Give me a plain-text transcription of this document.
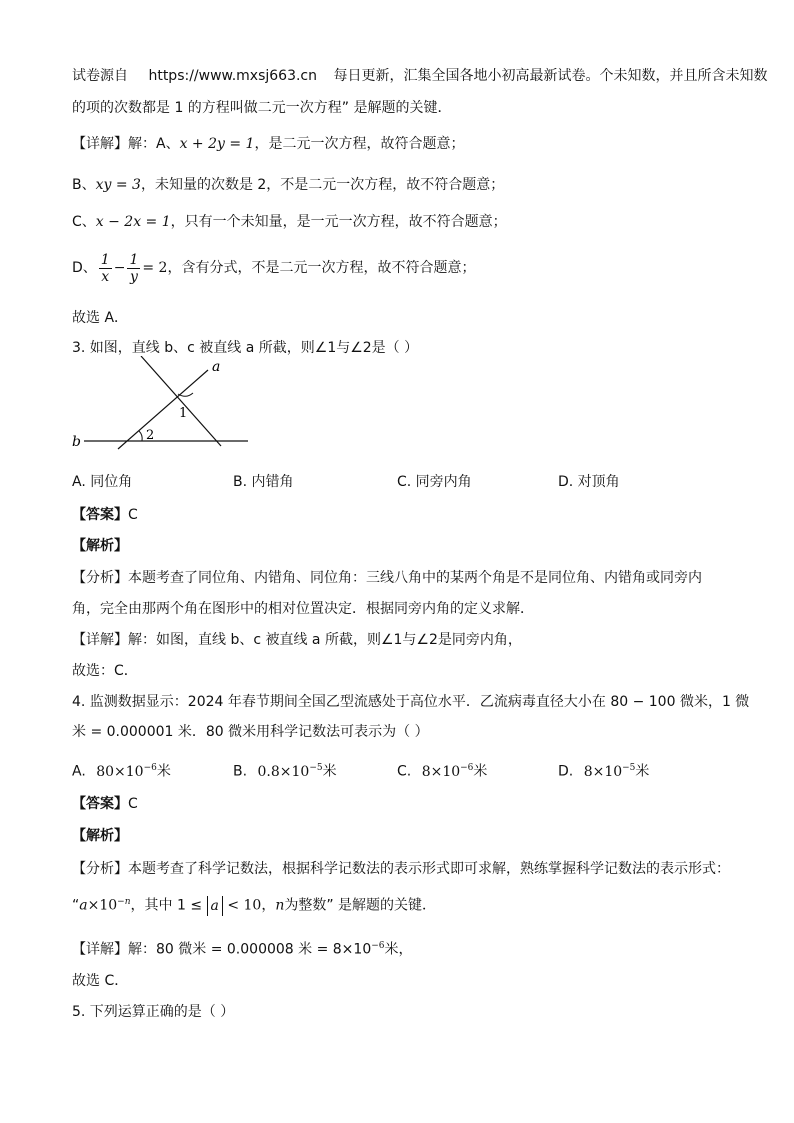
试卷源自 https://www.mxsj663.cn 每日更新，汇集全国各地小初高最新试卷。个未知数，并且所含未知数
的项的次数都是 1 的方程叫做二元一次方程” 是解题的关键．
【详解】解：A、x + 2y = 1，是二元一次方程，故符合题意；
B、xy = 3，未知量的次数是 2，不是二元一次方程，故不符合题意；
C、x − 2x = 1，只有一个未知量，是一元一次方程，故不符合题意；
D、 $\frac{1}{x} - \frac{1}{y} = 2$，含有分式，不是二元一次方程，故不符合题意；
故选 A．
3. 如图，直线 b、c 被直线 a 所截，则∠1与∠2是（ ）
a
b
1
2
A. 同位角	B. 内错角	C. 同旁内角	D. 对顶角
【答案】C
【解析】
【分析】本题考查了同位角、内错角、同位角：三线八角中的某两个角是不是同位角、内错角或同旁内
角，完全由那两个角在图形中的相对位置决定．根据同旁内角的定义求解．
【详解】解：如图，直线 b、c 被直线 a 所截，则∠1与∠2是同旁内角，
故选：C．
4. 监测数据显示：2024 年春节期间全国乙型流感处于高位水平．乙流病毒直径大小在 80 − 100 微米，1 微
米 = 0.000001 米．80 微米用科学记数法可表示为（ ）
A. $80\times 10^{-6}$米	B. $0.8\times 10^{-5}$米	C. $8\times 10^{-6}$米	D. $8\times 10^{-5}$米
【答案】C
【解析】
【分析】本题考查了科学记数法，根据科学记数法的表示形式即可求解，熟练掌握科学记数法的表示形式：
“$a\times 10^{-n}$，其中 1 ≤ a < 10，n为整数” 是解题的关键．
【详解】解：80 微米 = 0.000008 米 = $8\times 10^{-6}$米，
故选 C．
5. 下列运算正确的是（ ）
